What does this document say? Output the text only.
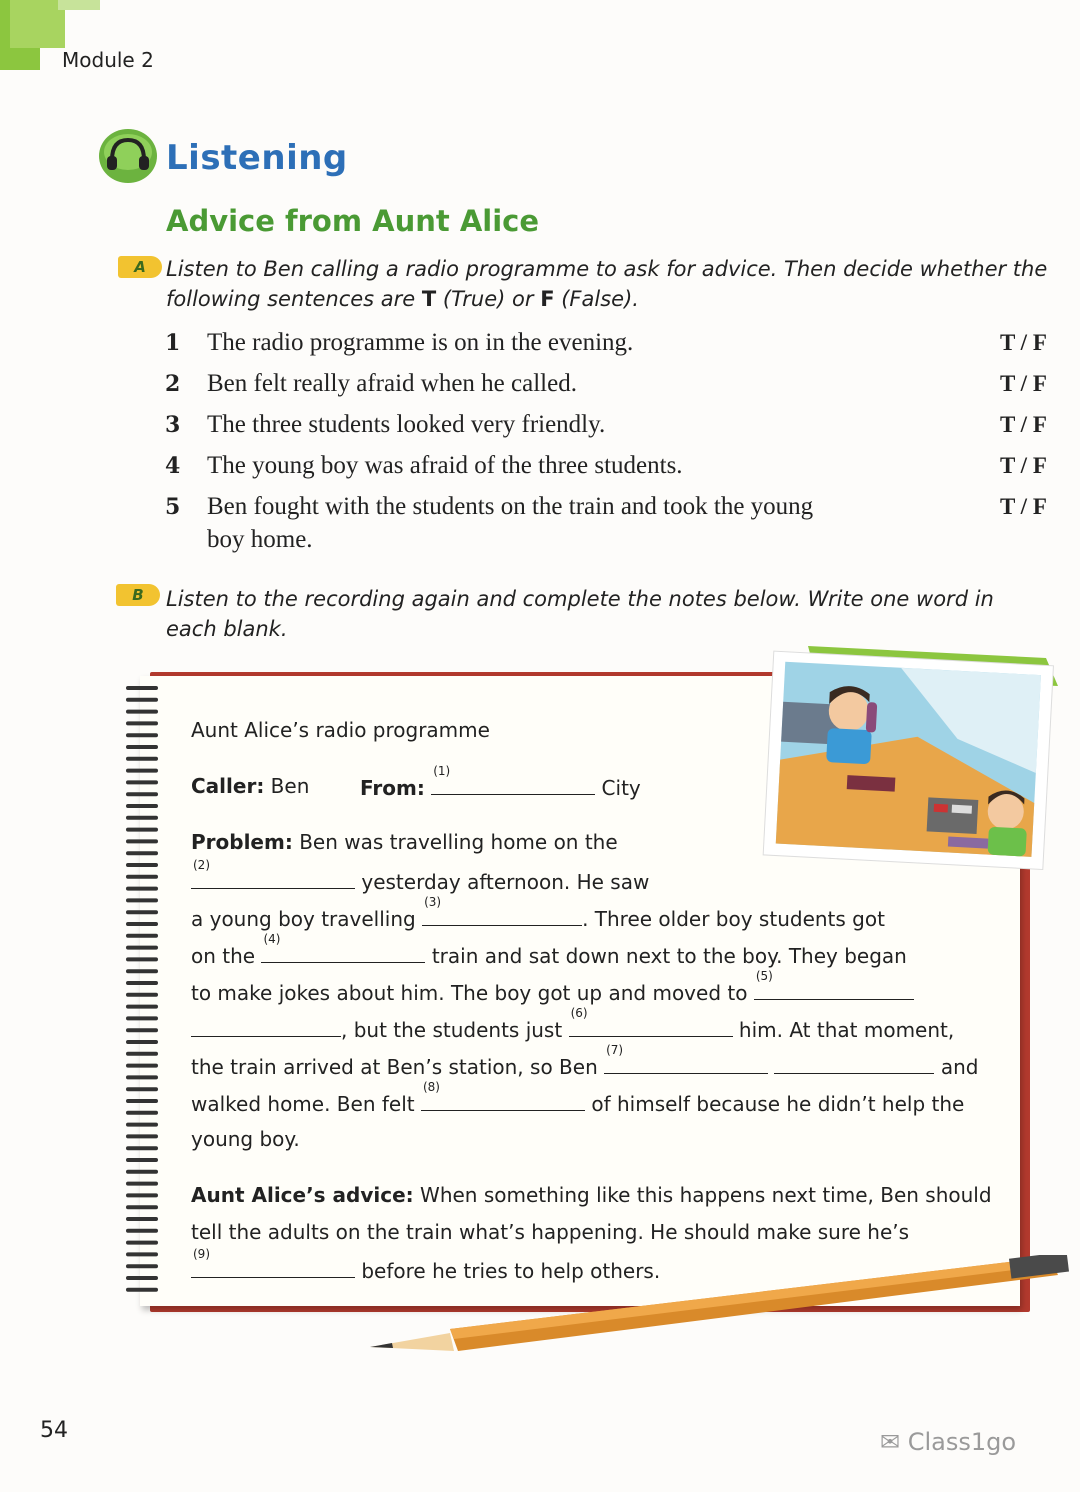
Module 2
Listening
Advice from Aunt Alice
A Listen to Ben calling a radio programme to ask for advice. Then decide whether the
following sentences are T (True) or F (False).
1 The radio programme is on in the evening.	T / F
2 Ben felt really afraid when he called.	T / F
3 The three students looked very friendly.	T / F
4 The young boy was afraid of the three students.	T / F
5 Ben fought with the students on the train and took the young
boy home.
T / F
B	Listen to the recording again and complete the notes below. Write one word in
each blank.
Aunt Alice’s radio programme
Caller: Ben	From:
(1)
City
Problem: Ben was travelling home on the
(2)
yesterday afternoon. He saw
a young boy travelling
(3)
. Three older boy students got
on the
(4)
train and sat down next to the boy. They began
to make jokes about him. The boy got up and moved to
(5)
, but the students just
(6)
him. At that moment,
the train arrived at Ben’s station, so Ben
(7)
and
walked home. Ben felt
(8)
of himself because he didn’t help the
young boy.
Aunt Alice’s advice: When something like this happens next time, Ben should
tell the adults on the train what’s happening. He should make sure he’s
(9)
before he tries to help others.
54	✉ Class1go
